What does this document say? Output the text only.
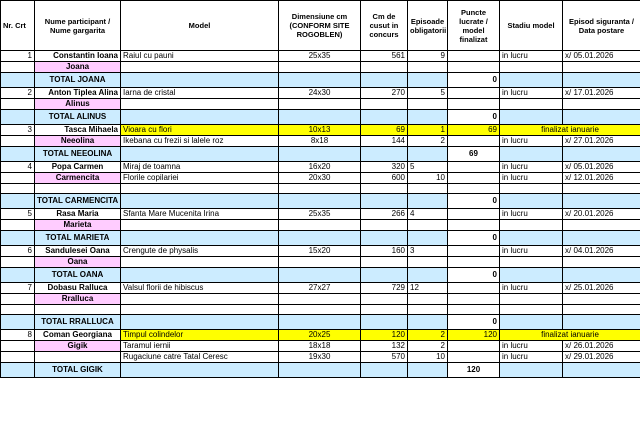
Nr. Crt	Nume participant / Nume gargarita	Model	Dimensiune cm (CONFORM SITE ROGOBLEN)	Cm de cusut in concurs	Episoade obligatorii	Puncte lucrate / model finalizat	Stadiu model	Episod siguranta / Data postare
1	Constantin Ioana	Raiul cu pauni	25x35	561	9		in lucru	x/ 05.01.2026
	Joana							
	TOTAL JOANA					0		
2	Anton Tiplea Alina	Iarna de cristal	24x30	270	5		in lucru	x/ 17.01.2026
	Alinus							
	TOTAL ALINUS					0		
3	Tasca Mihaela	Vioara cu flori	10x13	69	1	69	finalizat ianuarie	
	Neeolina	Ikebana cu frezii si lalele roz	8x18	144	2		in lucru	x/ 27.01.2026
	TOTAL NEEOLINA					69		
4	Popa Carmen	Miraj de toamna	16x20	320	5		in lucru	x/ 05.01.2026
	Carmencita	Florile copilariei	20x30	600	10		in lucru	x/ 12.01.2026

	TOTAL CARMENCITA					0		
5	Rasa Maria	Sfanta Mare Mucenita Irina	25x35	266	4		in lucru	x/ 20.01.2026
	Marieta							
	TOTAL MARIETA					0		
6	Sandulesei Oana	Crengute de physalis	15x20	160	3		in lucru	x/ 04.01.2026
	Oana							
	TOTAL OANA					0		
7	Dobasu Ralluca	Valsul florii de hibiscus	27x27	729	12		in lucru	x/ 25.01.2026
	Rralluca							

	TOTAL RRALLUCA					0		
8	Coman Georgiana	Timpul colindelor	20x25	120	2	120	finalizat ianuarie	
	Gigik	Taramul iernii	18x18	132	2		in lucru	x/ 26.01.2026
		Rugaciune catre Tatal Ceresc	19x30	570	10		in lucru	x/ 29.01.2026
	TOTAL GIGIK					120		
